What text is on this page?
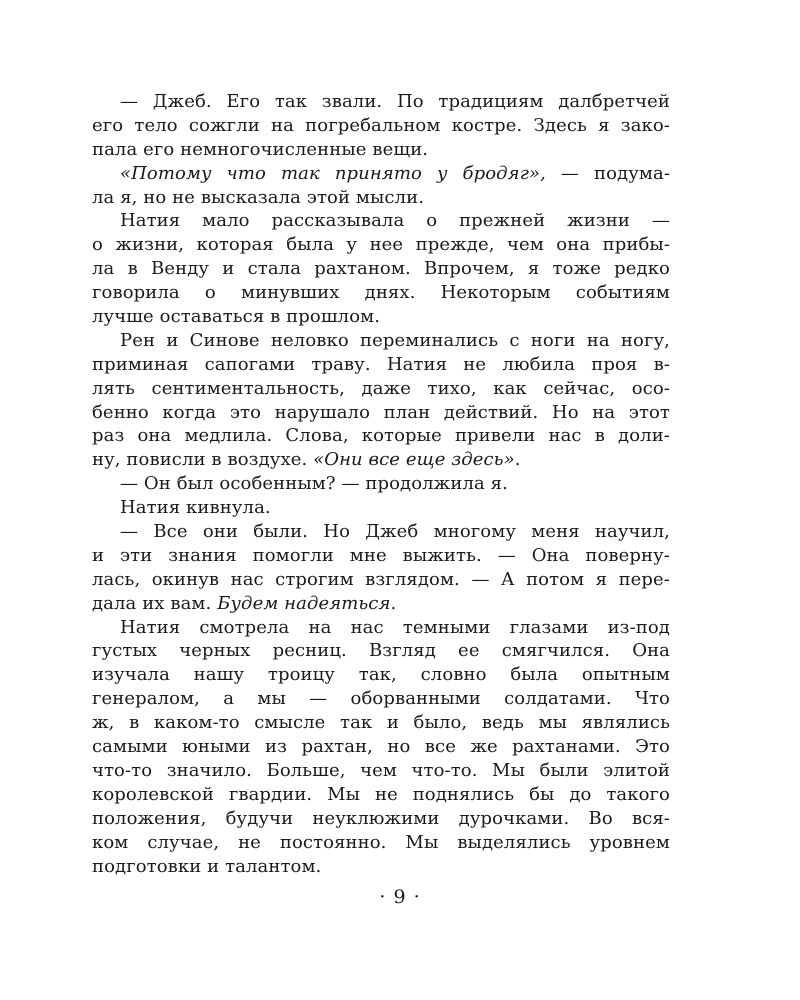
— Джеб. Его так звали. По традициям далбретчей
его тело сожгли на погребальном костре. Здесь я зако-
пала его немногочисленные вещи.
«Потому что так принято у бродяг», — подума-
ла я, но не высказала этой мысли.
Натия мало рассказывала о прежней жизни —
о жизни, которая была у нее прежде, чем она прибы-
ла в Венду и стала рахтаном. Впрочем, я тоже редко
говорила о минувших днях. Некоторым событиям
лучше оставаться в прошлом.
Рен и Синове неловко переминались с ноги на ногу,
приминая сапогами траву. Натия не любила проя в-
лять сентиментальность, даже тихо, как сейчас, осо-
бенно когда это нарушало план действий. Но на этот
раз она медлила. Слова, которые привели нас в доли-
ну, повисли в воздухе. «Они все еще здесь».
— Он был особенным? — продолжила я.
Натия кивнула.
— Все они были. Но Джеб многому меня научил,
и эти знания помогли мне выжить. — Она поверну-
лась, окинув нас строгим взглядом. — А потом я пере-
дала их вам. Будем надеяться.
Натия смотрела на нас темными глазами из-под
густых черных ресниц. Взгляд ее смягчился. Она
изучала нашу троицу так, словно была опытным
генералом, а мы — оборванными солдатами. Что
ж, в каком-то смысле так и было, ведь мы являлись
самыми юными из рахтан, но все же рахтанами. Это
что-то значило. Больше, чем что-то. Мы были элитой
королевской гвардии. Мы не поднялись бы до такого
положения, будучи неуклюжими дурочками. Во вся-
ком случае, не постоянно. Мы выделялись уровнем
подготовки и талантом.
· 9 ·
